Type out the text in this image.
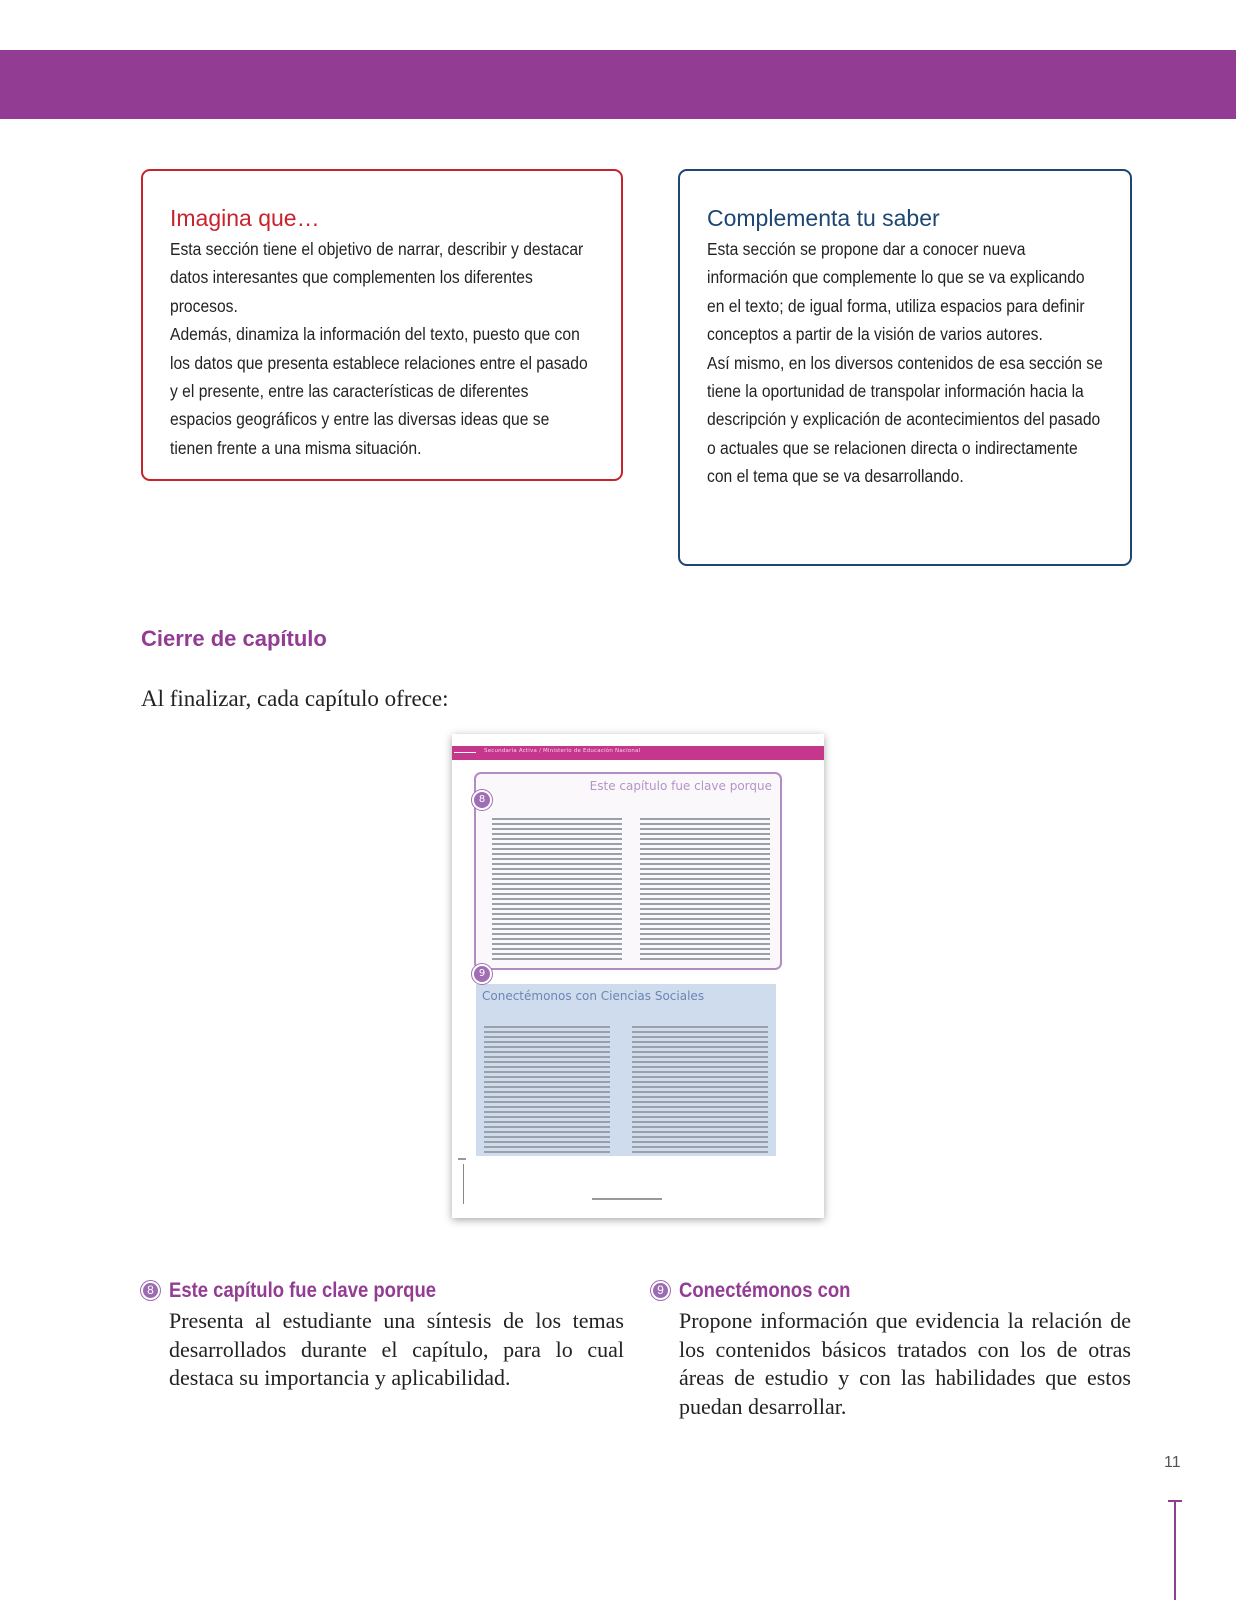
Imagina que…

Esta sección tiene el objetivo de narrar, describir y destacar datos interesantes que complementen los diferentes procesos.

Además, dinamiza la información del texto, puesto que con los datos que presenta establece relaciones entre el pasado y el presente, entre las características de diferentes espacios geográficos y entre las diversas ideas que se tienen frente a una misma situación.

Complementa tu saber

Esta sección se propone dar a conocer nueva información que complemente lo que se va explicando en el texto; de igual forma, utiliza espacios para definir conceptos a partir de la visión de varios autores.

Así mismo, en los diversos contenidos de esa sección se tiene la oportunidad de transpolar información hacia la descripción y explicación de acontecimientos del pasado o actuales que se relacionen directa o indirectamente con el tema que se va desarrollando.

Cierre de capítulo

Al finalizar, cada capítulo ofrece:

Secundaria Activa / Ministerio de Educación Nacional
Este capítulo fue clave porque
8
Conectémonos con Ciencias Sociales
9
8 Este capítulo fue clave porque

Presenta al estudiante una síntesis de los temas desarrollados durante el capítulo, para lo cual destaca su importancia y aplicabilidad.

9 Conectémonos con

Propone información que evidencia la relación de los contenidos básicos tratados con los de otras áreas de estudio y con las habilidades que estos puedan desarrollar.

11
